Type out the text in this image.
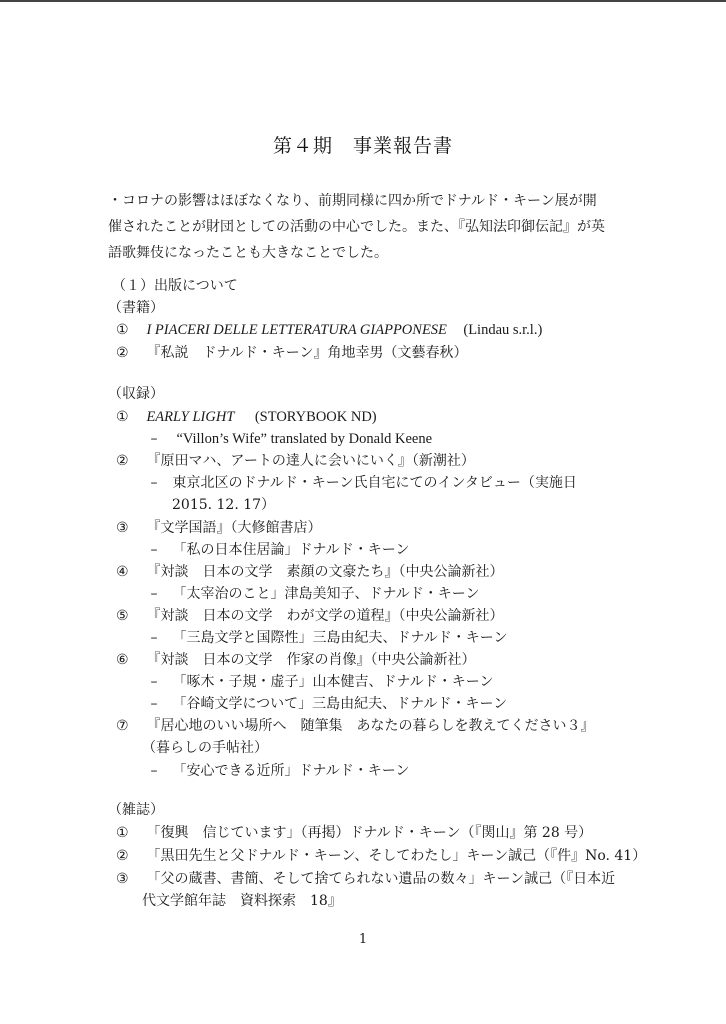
第４期　事業報告書
・コロナの影響はほぼなくなり、前期同様に四か所でドナルド・キーン展が開
催されたことが財団としての活動の中心でした。また、『弘知法印御伝記』が英
語歌舞伎になったことも大きなことでした。
（１）出版について
（書籍）
① I PIACERI DELLE LETTERATURA GIAPPONESE (Lindau s.r.l.)
② 『私説　ドナルド・キーン』角地幸男（文藝春秋）
（収録）
① EARLY LIGHT (STORYBOOK ND)
– “Villon’s Wife” translated by Donald Keene
② 『原田マハ、アートの達人に会いにいく』（新潮社）
– 東京北区のドナルド・キーン氏自宅にてのインタビュー（実施日
2015. 12. 17）
③ 『文学国語』（大修館書店）
– 「私の日本住居論」ドナルド・キーン
④ 『対談　日本の文学　素顔の文豪たち』（中央公論新社）
– 「太宰治のこと」津島美知子、ドナルド・キーン
⑤ 『対談　日本の文学　わが文学の道程』（中央公論新社）
– 「三島文学と国際性」三島由紀夫、ドナルド・キーン
⑥ 『対談　日本の文学　作家の肖像』（中央公論新社）
– 「啄木・子規・虚子」山本健吉、ドナルド・キーン
– 「谷崎文学について」三島由紀夫、ドナルド・キーン
⑦ 『居心地のいい場所へ　随筆集　あなたの暮らしを教えてください３』
（暮らしの手帖社）
– 「安心できる近所」ドナルド・キーン
（雑誌）
① 「復興　信じています」（再掲）ドナルド・キーン（『関山』第 28 号）
② 「黒田先生と父ドナルド・キーン、そしてわたし」キーン誠己（『件』No. 41）
③ 「父の蔵書、書簡、そして捨てられない遺品の数々」キーン誠己（『日本近
代文学館年誌　資料探索　18』
1
